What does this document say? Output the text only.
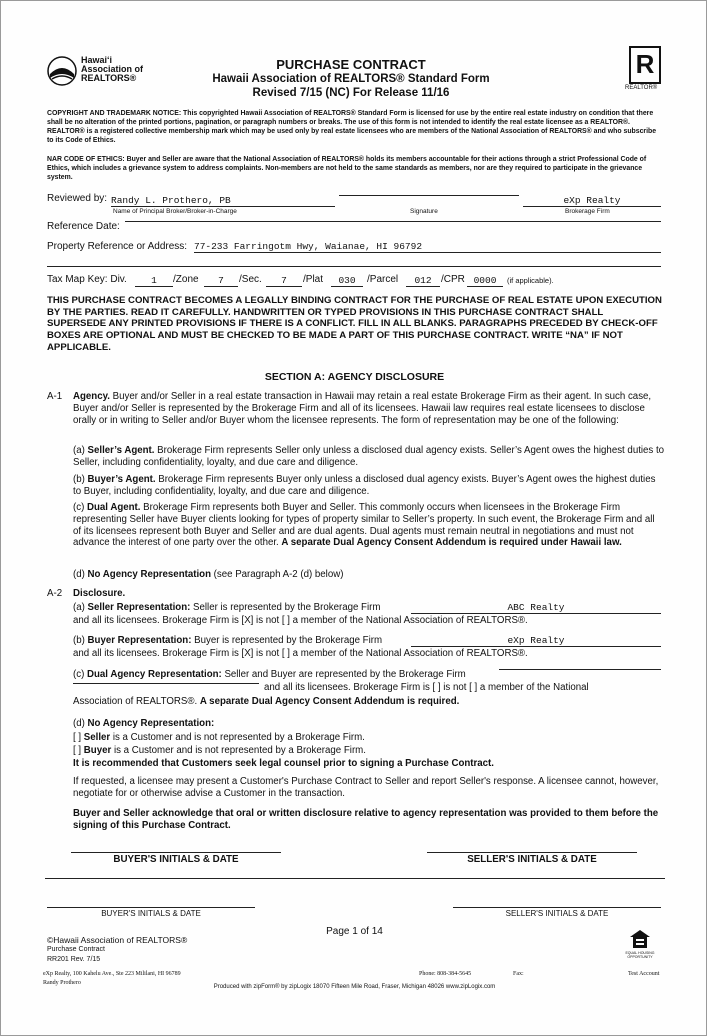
Hawaiʻi
Association of
REALTORS®
PURCHASE CONTRACT
Hawaii Association of REALTORS® Standard Form
Revised 7/15 (NC) For Release 11/16
R
REALTOR®
COPYRIGHT AND TRADEMARK NOTICE: This copyrighted Hawaii Association of REALTORS® Standard Form is licensed for use by the entire real estate industry on condition that there shall be no alteration of the printed portions, pagination, or paragraph numbers or breaks. The use of this form is not intended to identify the real estate licensee as a REALTOR®. REALTOR® is a registered collective membership mark which may be used only by real estate licensees who are members of the National Association of REALTORS® and who subscribe to its Code of Ethics.
NAR CODE OF ETHICS: Buyer and Seller are aware that the National Association of REALTORS® holds its members accountable for their actions through a strict Professional Code of Ethics, which includes a grievance system to address complaints. Non-members are not held to the same standards as members, nor are they required to participate in the grievance system.
Reviewed by: Randy L. Prothero, PB
Name of Principal Broker/Broker-in-Charge	Signature
eXp Realty
Brokerage Firm
Reference Date:
Property Reference or Address: 77-233 Farringotm Hwy, Waianae, HI 96792
Tax Map Key: Div.	1	/Zone	7	/Sec.	7	/Plat	030	/Parcel	012 /CPR 0000	(if applicable).
THIS PURCHASE CONTRACT BECOMES A LEGALLY BINDING CONTRACT FOR THE PURCHASE OF REAL ESTATE UPON EXECUTION BY THE PARTIES. READ IT CAREFULLY. HANDWRITTEN OR TYPED PROVISIONS IN THIS PURCHASE CONTRACT SHALL SUPERSEDE ANY PRINTED PROVISIONS IF THERE IS A CONFLICT. FILL IN ALL BLANKS. PARAGRAPHS PRECEDED BY CHECK-OFF BOXES ARE OPTIONAL AND MUST BE CHECKED TO BE MADE A PART OF THIS PURCHASE CONTRACT. WRITE “NA” IF NOT APPLICABLE.
SECTION A: AGENCY DISCLOSURE
A-1 Agency. Buyer and/or Seller in a real estate transaction in Hawaii may retain a real estate Brokerage Firm as their agent. In such case, Buyer and/or Seller is represented by the Brokerage Firm and all of its licensees. Hawaii law requires real estate licensees to disclose orally or in writing to Seller and/or Buyer whom the licensee represents. The form of representation may be one of the following:
(a) Seller’s Agent. Brokerage Firm represents Seller only unless a disclosed dual agency exists. Seller’s Agent owes the highest duties to Seller, including confidentiality, loyalty, and due care and diligence.
(b) Buyer’s Agent. Brokerage Firm represents Buyer only unless a disclosed dual agency exists. Buyer’s Agent owes the highest duties to Buyer, including confidentiality, loyalty, and due care and diligence.
(c) Dual Agent. Brokerage Firm represents both Buyer and Seller. This commonly occurs when licensees in the Brokerage Firm representing Seller have Buyer clients looking for types of property similar to Seller’s property. In such event, the Brokerage Firm and all of its licensees represent both Buyer and Seller and are dual agents. Dual agents must remain neutral in negotiations and must not advance the interest of one party over the other. A separate Dual Agency Consent Addendum is required under Hawaii law.
(d) No Agency Representation (see Paragraph A-2 (d) below)
A-2 Disclosure.
(a) Seller Representation: Seller is represented by the Brokerage Firm	ABC Realty
and all its licensees. Brokerage Firm is [X] is not [ ] a member of the National Association of REALTORS®.
(b) Buyer Representation: Buyer is represented by the Brokerage Firm	eXp Realty
and all its licensees. Brokerage Firm is [X] is not [ ] a member of the National Association of REALTORS®.
(c) Dual Agency Representation: Seller and Buyer are represented by the Brokerage Firm
and all its licensees. Brokerage Firm is [ ] is not [ ] a member of the National
Association of REALTORS®. A separate Dual Agency Consent Addendum is required.
(d) No Agency Representation:
[ ] Seller is a Customer and is not represented by a Brokerage Firm.
[ ] Buyer is a Customer and is not represented by a Brokerage Firm.
It is recommended that Customers seek legal counsel prior to signing a Purchase Contract.
If requested, a licensee may present a Customer's Purchase Contract to Seller and report Seller's response. A licensee cannot, however, negotiate for or otherwise advise a Customer in the transaction.
Buyer and Seller acknowledge that oral or written disclosure relative to agency representation was provided to them before the signing of this Purchase Contract.
BUYER'S INITIALS & DATE	SELLER'S INITIALS & DATE
BUYER'S INITIALS & DATE	SELLER'S INITIALS & DATE
Page 1 of 14
©Hawaii Association of REALTORS®
Purchase Contract
RR201 Rev. 7/15
EQUAL HOUSING OPPORTUNITY
eXp Realty, 100 Kahelu Ave., Ste 223 Mililani, HI 96789
Randy Prothero
Phone: 808-384-5645	Fax:	Test Account
Produced with zipForm® by zipLogix 18070 Fifteen Mile Road, Fraser, Michigan 48026 www.zipLogix.com
